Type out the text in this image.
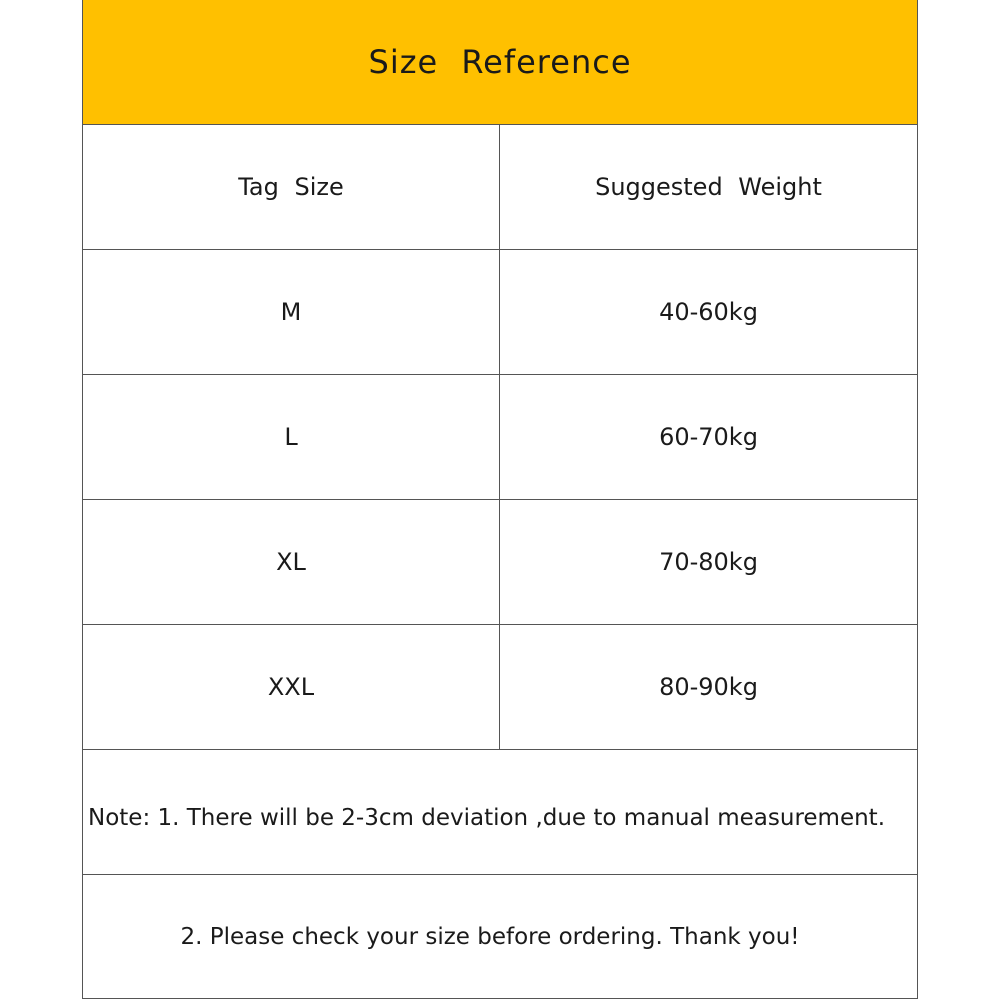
Size Reference
Tag Size	Suggested Weight
M	40-60kg
L	60-70kg
XL	70-80kg
XXL	80-90kg
Note: 1. There will be 2-3cm deviation ,due to manual measurement.
2. Please check your size before ordering. Thank you!
